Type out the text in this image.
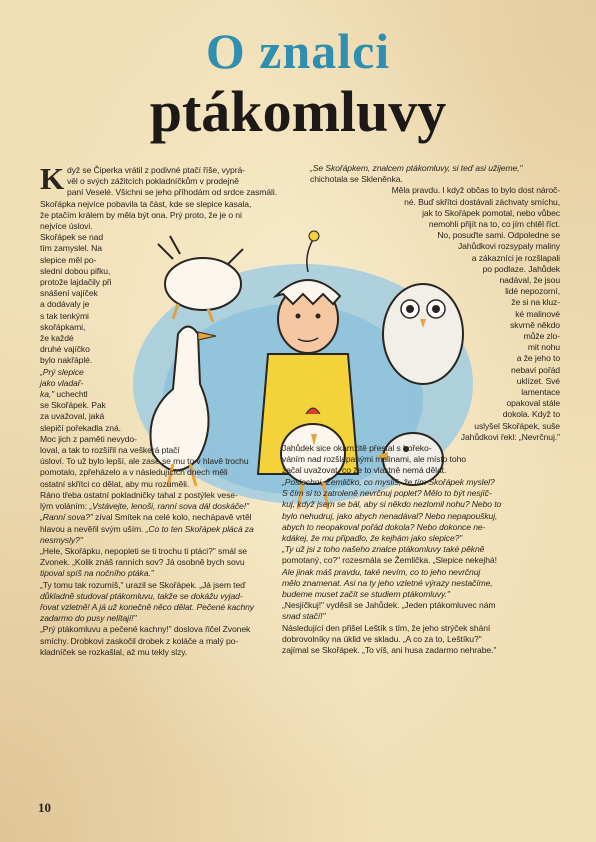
O znalci
ptákomluvy
K dyž se Čiperka vrátil z podivné ptačí říše, vyprá-
věl o svých zážitcích pokladníčkům v prodejně
paní Veselé. Všichni se jeho příhodám od srdce zasmáli.
Skořápka nejvíce pobavila ta část, kde se slepice kasala,
že ptačím králem by měla být ona. Prý proto, že je o ni
nejvíce úslovi.
Skořápek se nad
tím zamyslel. Na
slepice měl po-
slední dobou pifku,
protože lajdačily při
snášení vajíček
a dodávaly je
s tak tenkými
skořápkami,
že každé
druhé vajíčko
bylo nakřáplé.
„Prý slepice
jako vladař-
ka," uchechtl
se Skořápek. Pak
za uvažoval, jaká
slepičí pořekadla zná.
Moc jich z paměti nevydo-
loval, a tak to rozšířil na veškerá ptačí
úsloví. To už bylo lepší, ale zase se mu to v hlavě trochu
pomotalo, zpřeházelo a v následujících dnech měli
ostatní skřítci co dělat, aby mu rozuměli.
Ráno třeba ostatní pokladničky tahal z postýlek vese-
lým voláním: „Vstávejte, lenoši, ranní sova dál doskáče!"
„Ranní sova?" zíval Smítek na celé kolo, nechápavě vrtěl
hlavou a nevěřil svým uším. „Co to ten Skořápek plácá za
nesmysly?"
„Hele, Skořápku, nepopleti se ti trochu ti ptáci?" smál se
Zvonek. „Kolik znáš ranních sov? Já osobně bych sovu
tipoval spíš na nočního ptáka."
„Ty tomu tak rozumíš," urazil se Skořápek. „Já jsem teď
důkladně studoval ptákomluvu, takže se dokážu vyjad-
řovat vzletně! A já už konečně něco dělat. Pečené kachny
zadarmo do pusy nelítají!"
„Prý ptákomluvu a pečené kachny!" doslova řičel Zvonek
smíchy. Drobkovi zaskočil drobek z koláče a malý po-
kladníček se rozkašlal, až mu tekly slzy.
„Se Skořápkem, znalcem ptákomluvy, si teď asi užijeme,"
chichotala se Skleněnka.
Měla pravdu. I když občas to bylo dost nároč-
né. Buď skřítci dostávali záchvaty smíchu,
jak to Skořápek pomotal, nebo vůbec
nemohli přijít na to, co jím chtěl říct.
No, posuďte sami. Odpoledne se
Jahůdkovi rozsypaly maliny
a zákazníci je rozšlapali
po podlaze. Jahůdek
nadával, že jsou
lidé nepozorní,
že si na kluz-
ké malinové
skvrně někdo
může zlo-
mit nohu
a že jeho to
nebaví pořád
uklízet. Své
lamentace
opakoval stále
dokola. Když to
uslyšel Skořápek, suše
Jahůdkovi řekl: „Nevrčnuj."
Jahůdek sice okamžitě přestal s hořeko-
váním nad rozšlapanými malinami, ale místo toho
začal uvažovat, co že to vlastně nemá dělat.
„Poslechni, Žemličko, co myslíš, že tím Skořápek myslel?
S čím si to zatroleně nevrčnuj poplet? Mělo to být nesjíč-
kuj, když jsem se bál, aby si někdo nezlomil nohu? Nebo to
bylo nehudruj, jako abych nenadával? Nebo nepapouškuj,
abych to neopakoval pořád dokola? Nebo dokonce ne-
kdákej, že mu připadlo, že kejhám jako slepice?"
„Ty už jsi z toho našeho znalce ptákomluvy také pěkně
pomotaný, co?" rozesmála se Žemlička. „Slepice nekejhá!
Ale jinak máš pravdu, také nevím, co to jeho nevrčnuj
mělo znamenat. Asi na ty jeho vzletné výrazy nestačíme,
budeme muset začít se studiem ptákomluvy."
„Nesjíčkuj!" vyděsil se Jahůdek. „Jeden ptákomluvec nám
snad stačí!"
Následující den přišel Leštík s tím, že jeho strýček shání
dobrovolníky na úklid ve skladu. „A co za to, Leštíku?"
zajímal se Skořápek. „To víš, ani husa zadarmo nehrabe."
10
